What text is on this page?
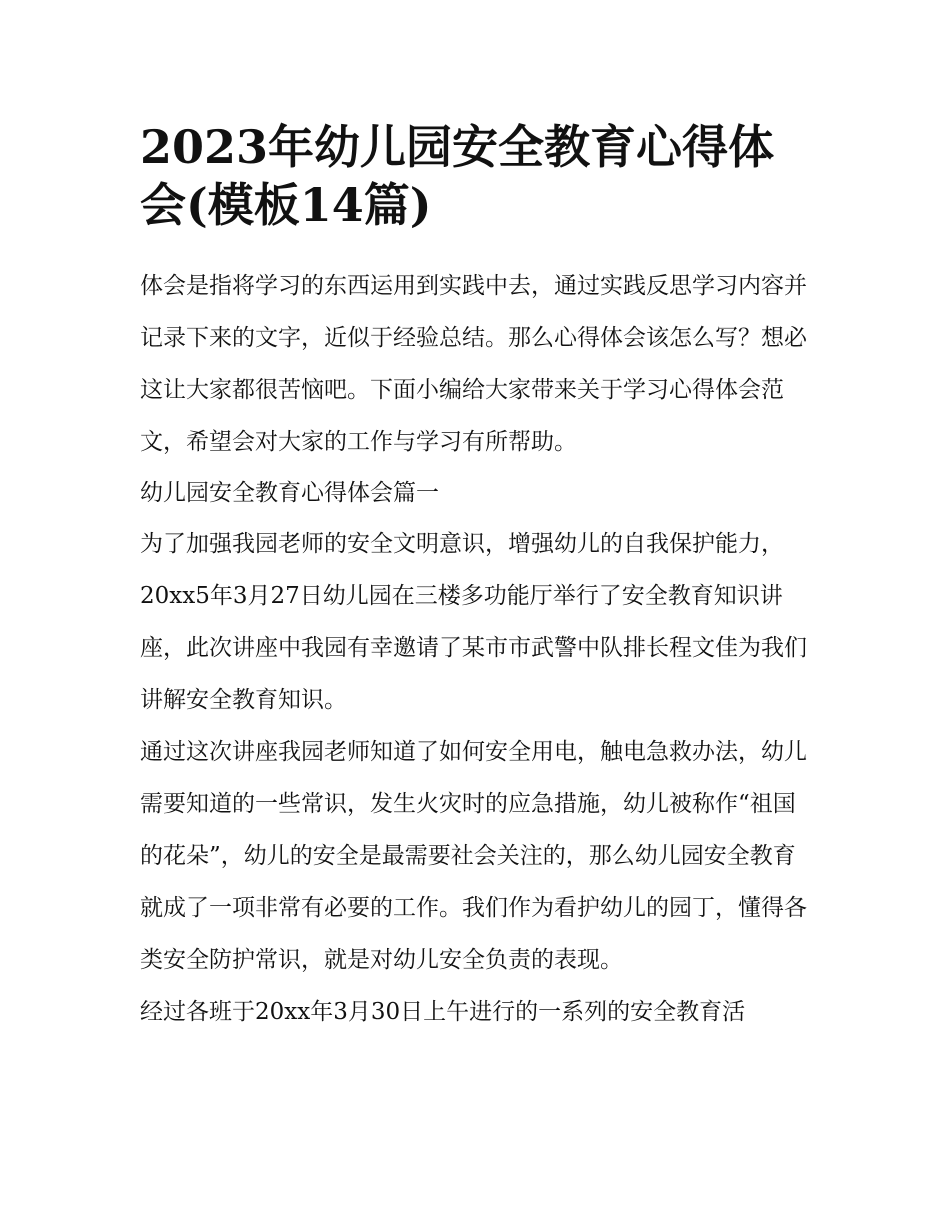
2023年幼儿园安全教育心得体会(模板14篇)

体会是指将学习的东西运用到实践中去，通过实践反思学习内容并记录下来的文字，近似于经验总结。那么心得体会该怎么写？想必这让大家都很苦恼吧。下面小编给大家带来关于学习心得体会范文，希望会对大家的工作与学习有所帮助。

幼儿园安全教育心得体会篇一

为了加强我园老师的安全文明意识，增强幼儿的自我保护能力，20xx5年3月27日幼儿园在三楼多功能厅举行了安全教育知识讲座，此次讲座中我园有幸邀请了某市市武警中队排长程文佳为我们讲解安全教育知识。

通过这次讲座我园老师知道了如何安全用电，触电急救办法，幼儿需要知道的一些常识，发生火灾时的应急措施，幼儿被称作“祖国的花朵”，幼儿的安全是最需要社会关注的，那么幼儿园安全教育就成了一项非常有必要的工作。我们作为看护幼儿的园丁，懂得各类安全防护常识，就是对幼儿安全负责的表现。

经过各班于20xx年3月30日上午进行的一系列的安全教育活
